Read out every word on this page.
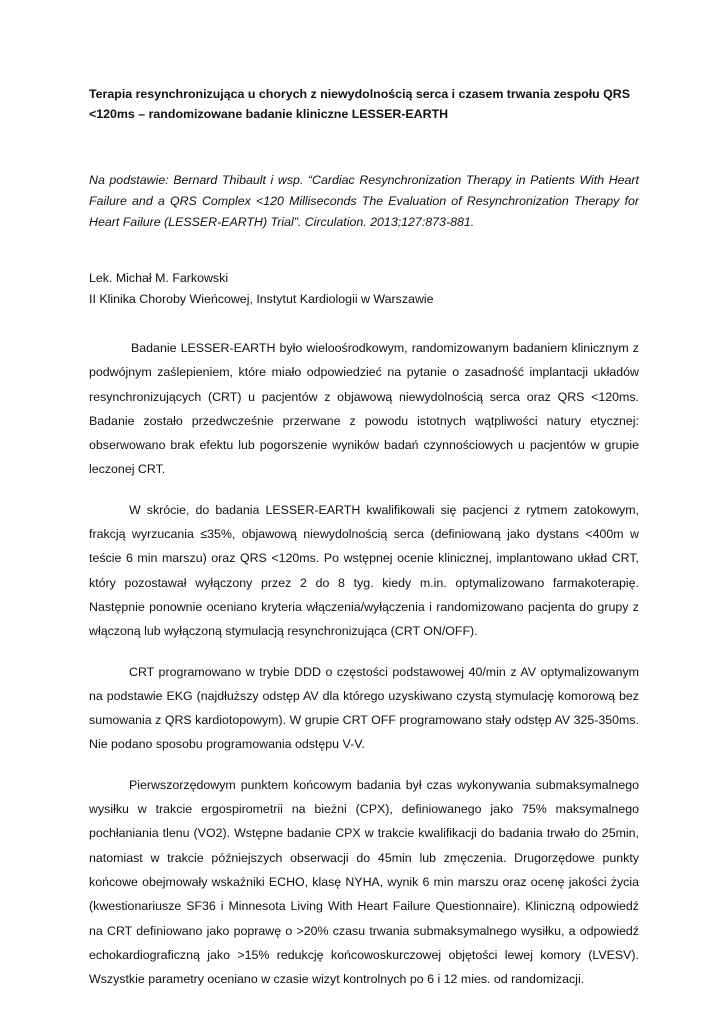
Terapia resynchronizująca u chorych z niewydolnością serca i czasem trwania zespołu QRS <120ms – randomizowane badanie kliniczne LESSER-EARTH

Na podstawie: Bernard Thibault i wsp. “Cardiac Resynchronization Therapy in Patients With Heart Failure and a QRS Complex <120 Milliseconds The Evaluation of Resynchronization Therapy for Heart Failure (LESSER-EARTH) Trial”. Circulation. 2013;127:873-881.

Lek. Michał M. Farkowski
II Klinika Choroby Wieńcowej, Instytut Kardiologii w Warszawie

Badanie LESSER-EARTH było wieloośrodkowym, randomizowanym badaniem klinicznym z podwójnym zaślepieniem, które miało odpowiedzieć na pytanie o zasadność implantacji układów resynchronizujących (CRT) u pacjentów z objawową niewydolnością serca oraz QRS <120ms. Badanie zostało przedwcześnie przerwane z powodu istotnych wątpliwości natury etycznej: obserwowano brak efektu lub pogorszenie wyników badań czynnościowych u pacjentów w grupie leczonej CRT.

W skrócie, do badania LESSER-EARTH kwalifikowali się pacjenci z rytmem zatokowym, frakcją wyrzucania ≤35%, objawową niewydolnością serca (definiowaną jako dystans <400m w teście 6 min marszu) oraz QRS <120ms. Po wstępnej ocenie klinicznej, implantowano układ CRT, który pozostawał wyłączony przez 2 do 8 tyg. kiedy m.in. optymalizowano farmakoterapię. Następnie ponownie oceniano kryteria włączenia/wyłączenia i randomizowano pacjenta do grupy z włączoną lub wyłączoną stymulacją resynchronizująca (CRT ON/OFF).

CRT programowano w trybie DDD o częstości podstawowej 40/min z AV optymalizowanym na podstawie EKG (najdłuższy odstęp AV dla którego uzyskiwano czystą stymulację komorową bez sumowania z QRS kardiotopowym). W grupie CRT OFF programowano stały odstęp AV 325-350ms. Nie podano sposobu programowania odstępu V-V.

Pierwszorzędowym punktem końcowym badania był czas wykonywania submaksymalnego wysiłku w trakcie ergospirometrii na bieżni (CPX), definiowanego jako 75% maksymalnego pochłaniania tlenu (VO2). Wstępne badanie CPX w trakcie kwalifikacji do badania trwało do 25min, natomiast w trakcie późniejszych obserwacji do 45min lub zmęczenia. Drugorzędowe punkty końcowe obejmowały wskaźniki ECHO, klasę NYHA, wynik 6 min marszu oraz ocenę jakości życia (kwestionariusze SF36 i Minnesota Living With Heart Failure Questionnaire). Kliniczną odpowiedź na CRT definiowano jako poprawę o >20% czasu trwania submaksymalnego wysiłku, a odpowiedź echokardiograficzną jako >15% redukcję końcowoskurczowej objętości lewej komory (LVESV). Wszystkie parametry oceniano w czasie wizyt kontrolnych po 6 i 12 mies. od randomizacji.
